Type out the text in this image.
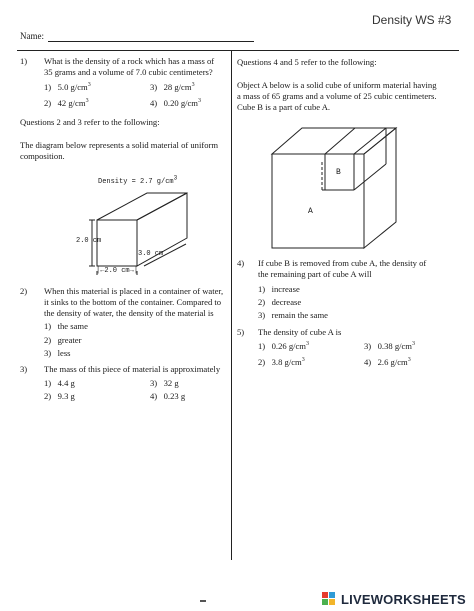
Density WS #3
Name:
1) What is the density of a rock which has a mass of
35 grams and a volume of 7.0 cubic centimeters?
1) 5.0 $g/cm^3$	3) 28 $g/cm^3$
2) 42 $g/cm^3$	4) 0.20 $g/cm^3$
Questions 2 and 3 refer to the following:
The diagram below represents a solid material of uniform
composition.
Density = 2.7 $g/cm^3$
2.0 cm
3.0 cm
|←2.0 cm→|
2) When this material is placed in a container of water,
it sinks to the bottom of the container. Compared to
the density of water, the density of the material is
1) the same
2) greater
3) less
3) The mass of this piece of material is approximately
1) 4.4 g	3) 32 g
2) 9.3 g	4) 0.23 g
Questions 4 and 5 refer to the following:
Object A below is a solid cube of uniform material having
a mass of 65 grams and a volume of 25 cubic centimeters.
Cube B is a part of cube A.
B
A
4) If cube B is removed from cube A, the density of
the remaining part of cube A will
1) increase
2) decrease
3) remain the same
5) The density of cube A is
1) 0.26 $g/cm^3$	3) 0.38 $g/cm^3$
2) 3.8 $g/cm^3$	4) 2.6 $g/cm^3$
LIVEWORKSHEETS
